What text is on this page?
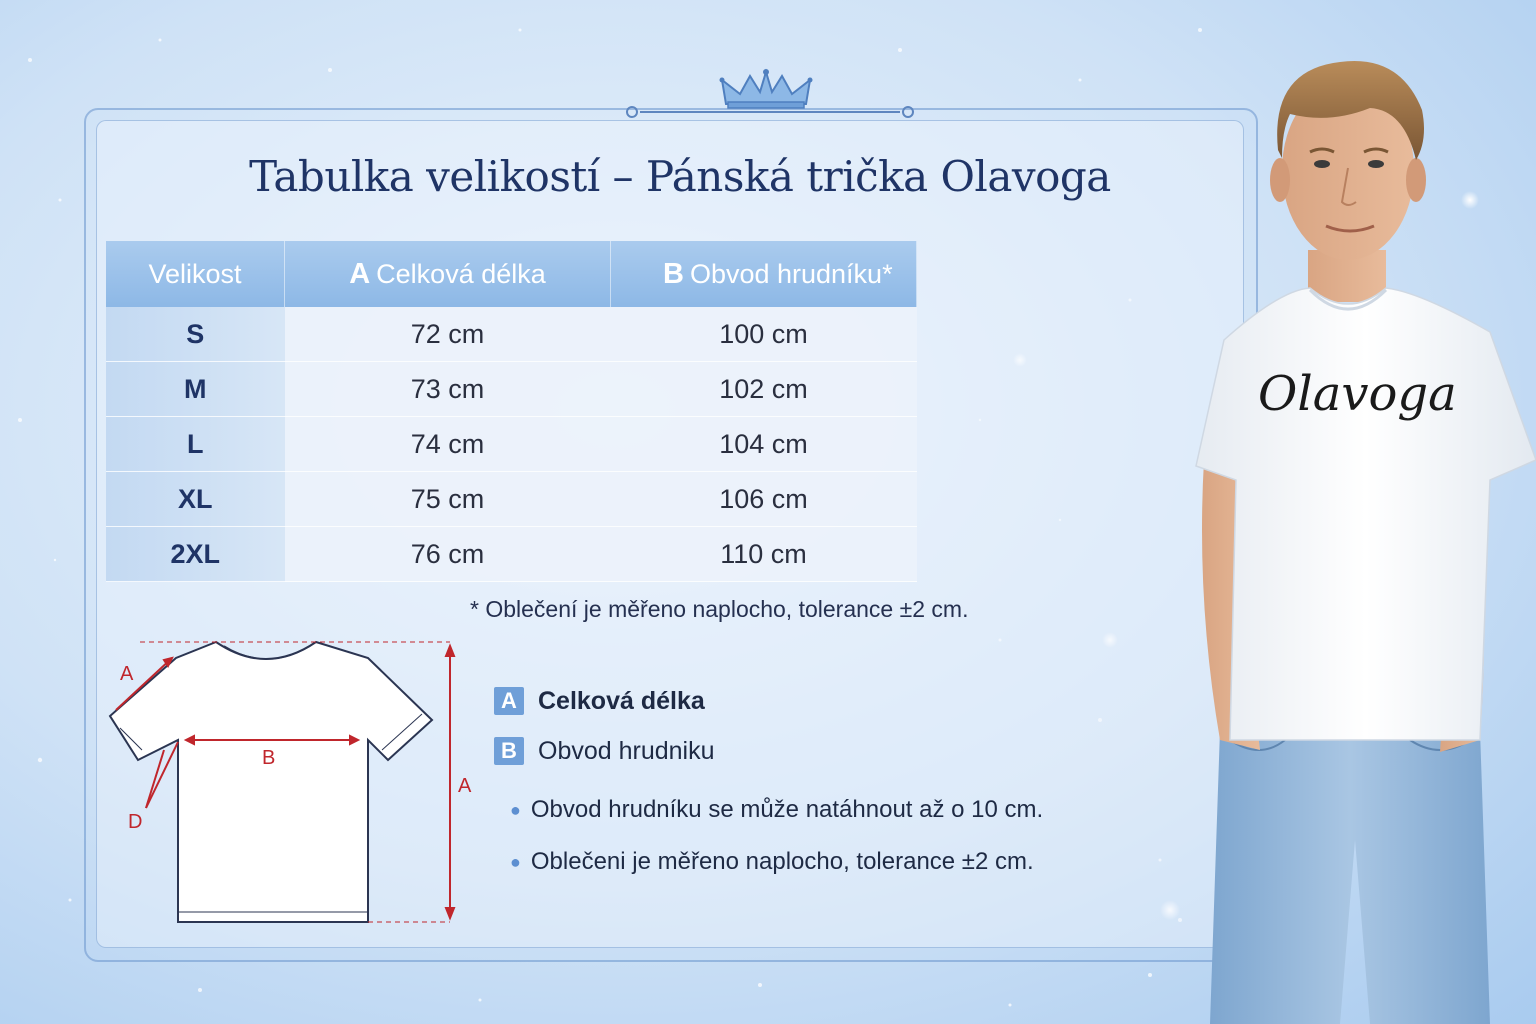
Tabulka velikostí – Pánská trička Olavoga
Velikost	A Celková délka	B Obvod hrudníku*
S	72 cm	100 cm
M	73 cm	102 cm
L	74 cm	104 cm
XL	75 cm	106 cm
2XL	76 cm	110 cm
* Oblečení je měřeno naplocho, tolerance ±2 cm.
A
B
D
A
A Celková délka
B Obvod hrudniku
● Obvod hrudníku se může natáhnout až o 10 cm.
● Oblečeni je měřeno naplocho, tolerance ±2 cm.
Olavoga
